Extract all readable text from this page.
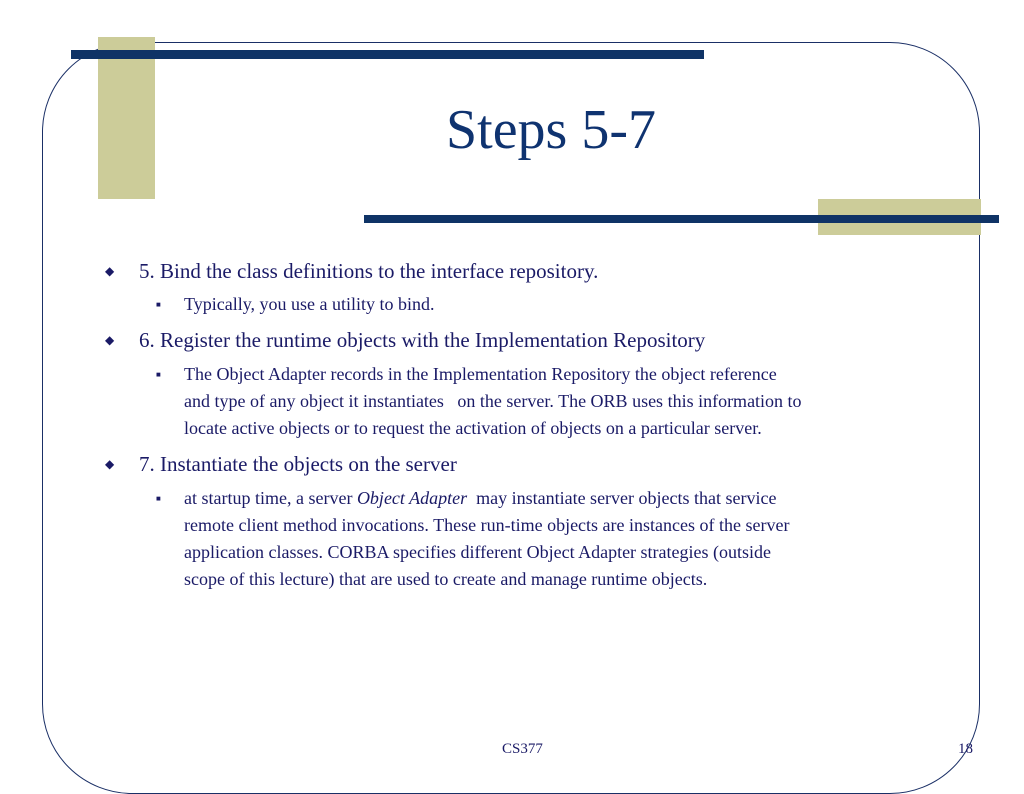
Steps 5-7
◆ 5. Bind the class definitions to the interface repository.
■ Typically, you use a utility to bind.
◆ 6. Register the runtime objects with the Implementation Repository
■ The Object Adapter records in the Implementation Repository the object reference
and type of any object it instantiates   on the server. The ORB uses this information to
locate active objects or to request the activation of objects on a particular server.
◆ 7. Instantiate the objects on the server
■ at startup time, a server Object Adapter  may instantiate server objects that service
remote client method invocations. These run-time objects are instances of the server
application classes. CORBA specifies different Object Adapter strategies (outside
scope of this lecture) that are used to create and manage runtime objects.
CS377	18
